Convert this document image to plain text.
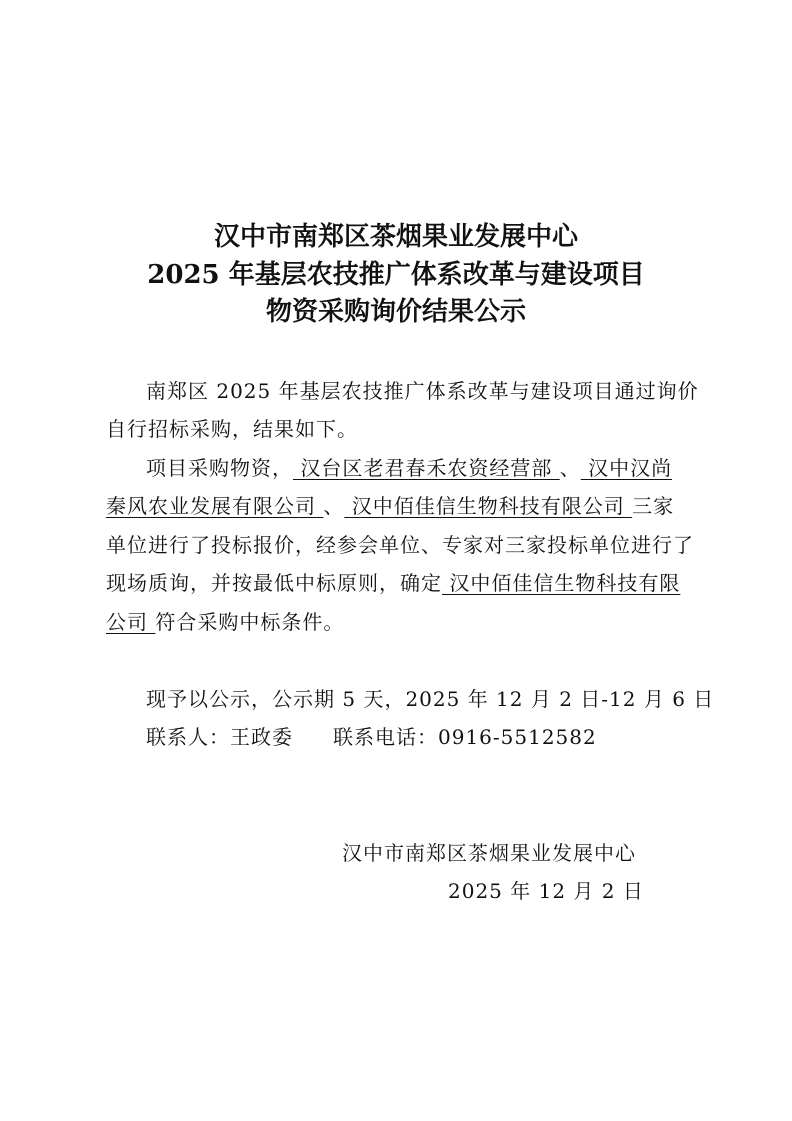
汉中市南郑区茶烟果业发展中心
2025 年基层农技推广体系改革与建设项目
物资采购询价结果公示
南郑区 2025 年基层农技推广体系改革与建设项目通过询价
自行招标采购，结果如下。
项目采购物资， 汉台区老君春禾农资经营部 、 汉中汉尚
秦风农业发展有限公司 、 汉中佰佳信生物科技有限公司 三家
单位进行了投标报价，经参会单位、专家对三家投标单位进行了
现场质询，并按最低中标原则，确定 汉中佰佳信生物科技有限
公司 符合采购中标条件。
现予以公示，公示期 5 天，2025 年 12 月 2 日-12 月 6 日
联系人：王政委 联系电话：0916-5512582
汉中市南郑区茶烟果业发展中心
2025 年 12 月 2 日
